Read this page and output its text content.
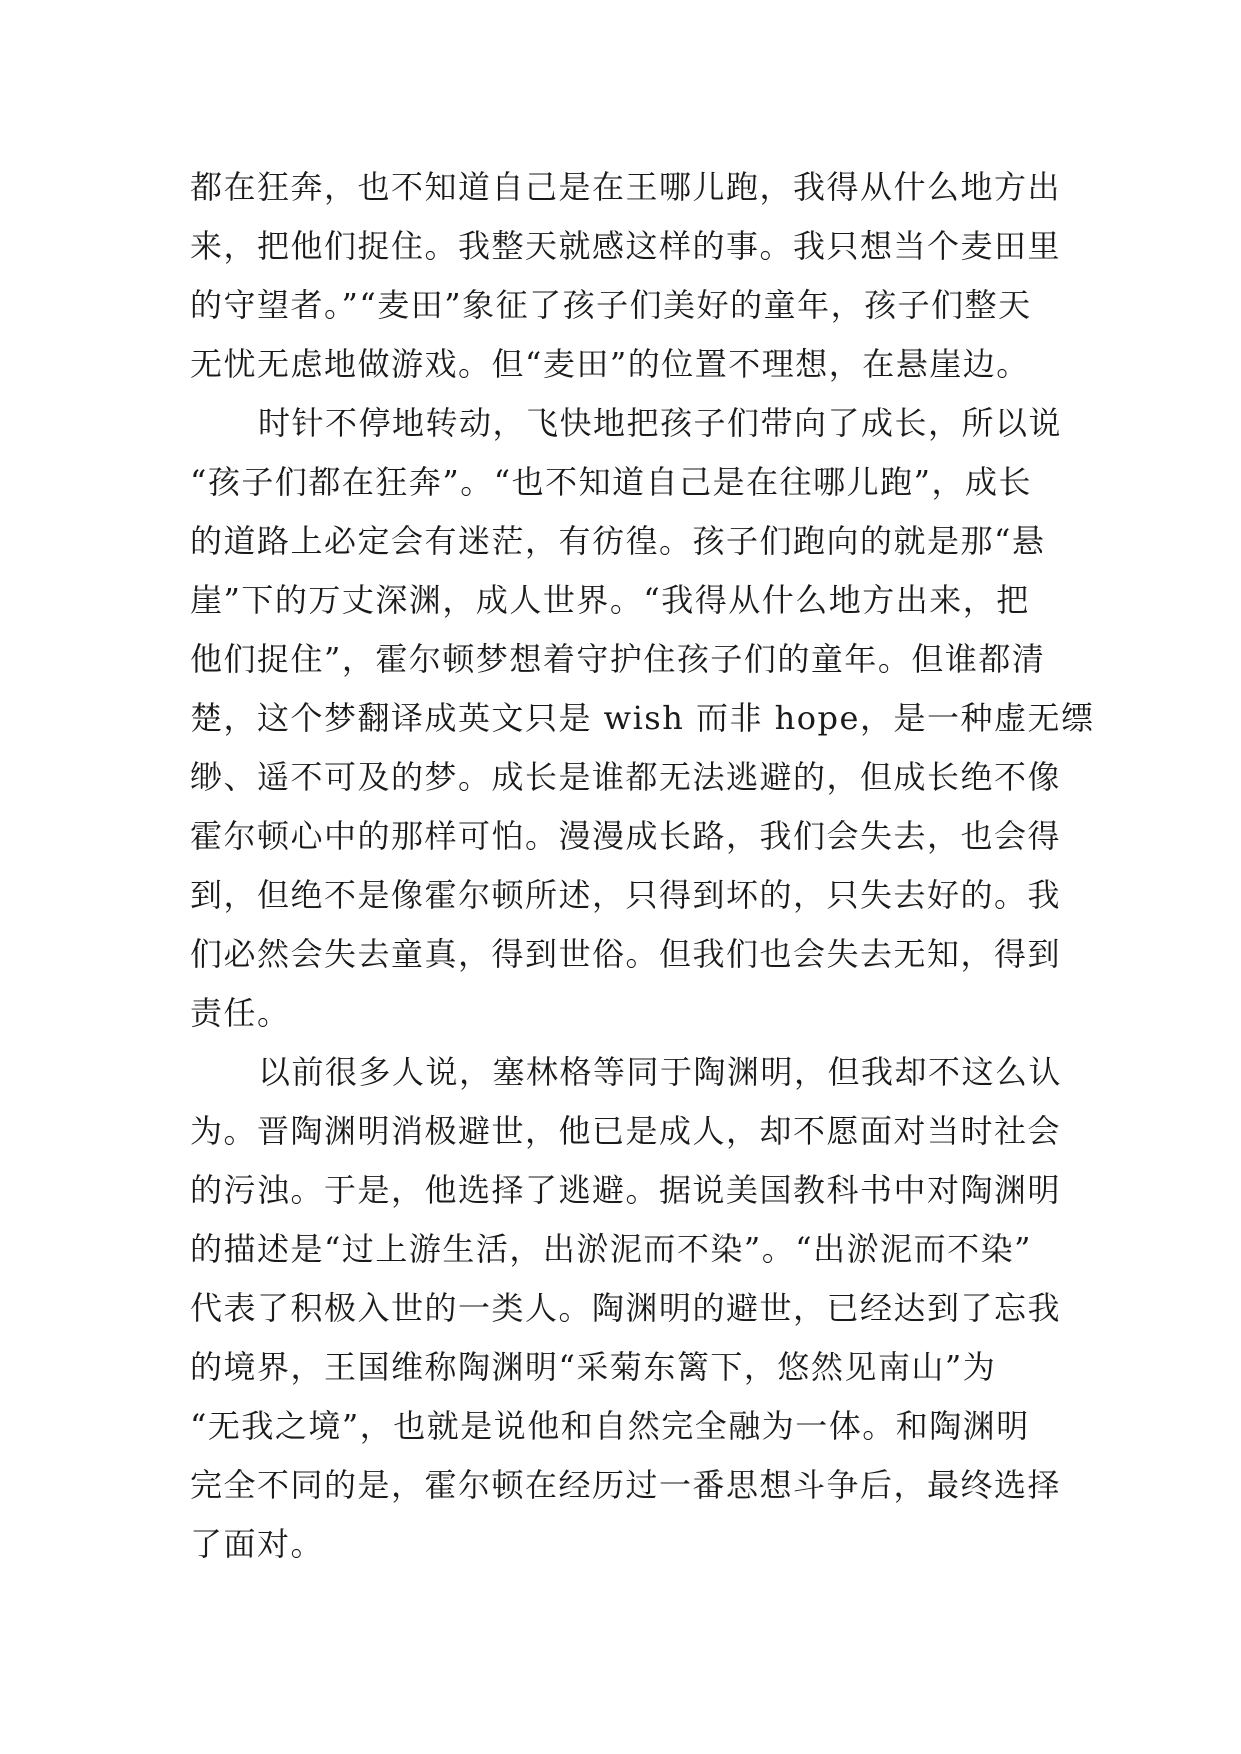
都在狂奔，也不知道自己是在王哪儿跑，我得从什么地方出
来，把他们捉住。我整天就感这样的事。我只想当个麦田里
的守望者。”“麦田”象征了孩子们美好的童年，孩子们整天
无忧无虑地做游戏。但“麦田”的位置不理想，在悬崖边。
时针不停地转动，飞快地把孩子们带向了成长，所以说
“孩子们都在狂奔”。“也不知道自己是在往哪儿跑”，成长
的道路上必定会有迷茫，有彷徨。孩子们跑向的就是那“悬
崖”下的万丈深渊，成人世界。“我得从什么地方出来，把
他们捉住”，霍尔顿梦想着守护住孩子们的童年。但谁都清
楚，这个梦翻译成英文只是 wish 而非 hope，是一种虚无缥
缈、遥不可及的梦。成长是谁都无法逃避的，但成长绝不像
霍尔顿心中的那样可怕。漫漫成长路，我们会失去，也会得
到，但绝不是像霍尔顿所述，只得到坏的，只失去好的。我
们必然会失去童真，得到世俗。但我们也会失去无知，得到
责任。
以前很多人说，塞林格等同于陶渊明，但我却不这么认
为。晋陶渊明消极避世，他已是成人，却不愿面对当时社会
的污浊。于是，他选择了逃避。据说美国教科书中对陶渊明
的描述是“过上游生活，出淤泥而不染”。“出淤泥而不染”
代表了积极入世的一类人。陶渊明的避世，已经达到了忘我
的境界，王国维称陶渊明“采菊东篱下，悠然见南山”为
“无我之境”，也就是说他和自然完全融为一体。和陶渊明
完全不同的是，霍尔顿在经历过一番思想斗争后，最终选择
了面对。
